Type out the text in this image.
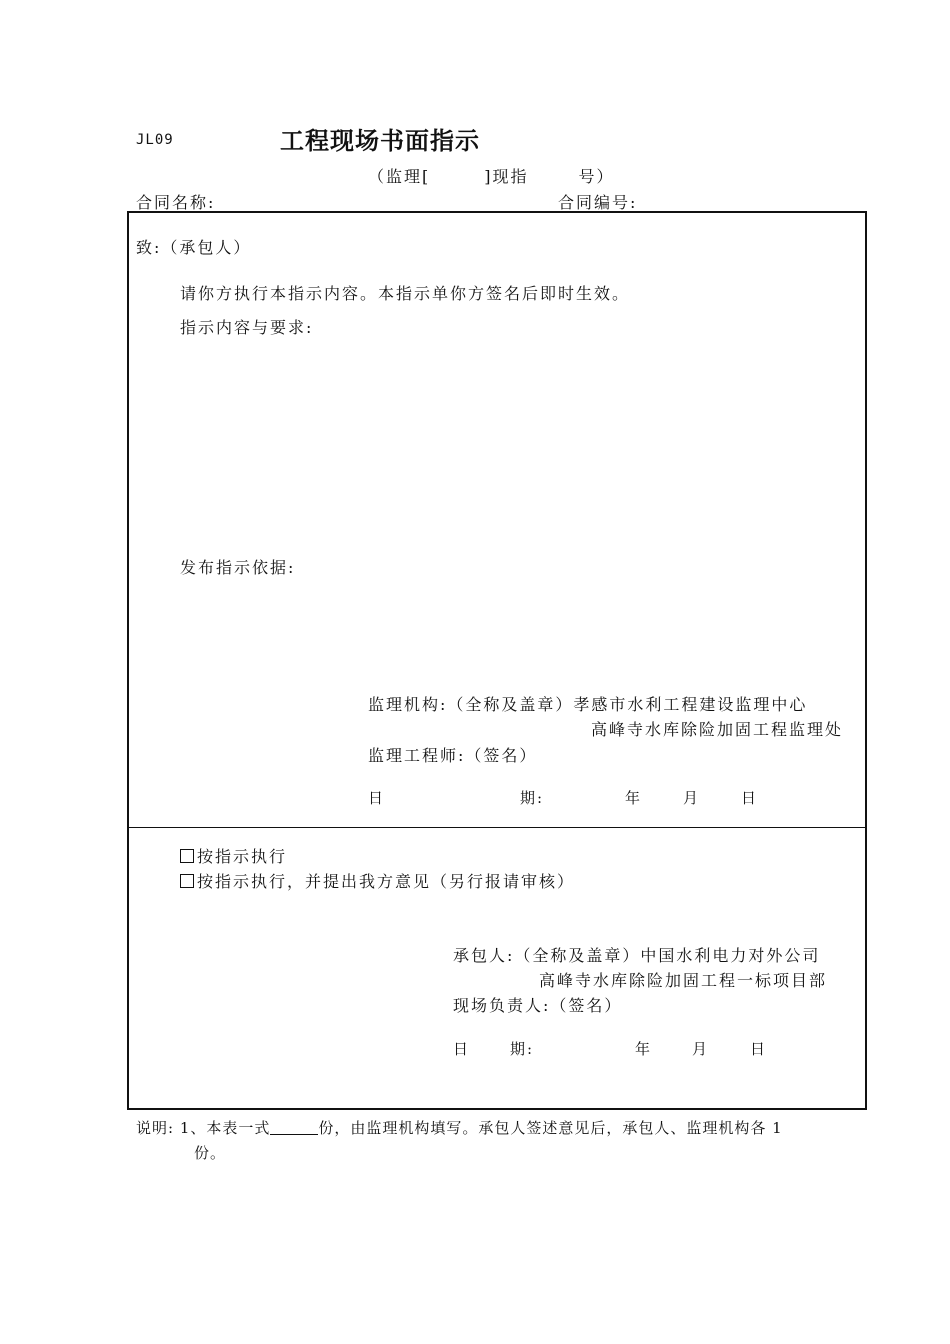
JL09	工程现场书面指示
（监理[	]现指	号）
合同名称:	合同编号:
致:（承包人）
请你方执行本指示内容。本指示单你方签名后即时生效。
指示内容与要求:
发布指示依据:
监理机构:（全称及盖章）孝感市水利工程建设监理中心
高峰寺水库除险加固工程监理处
监理工程师:（签名）
日	期:	年	月	日
按指示执行
按指示执行，并提出我方意见（另行报请审核）
承包人:（全称及盖章）中国水利电力对外公司
高峰寺水库除险加固工程一标项目部
现场负责人:（签名）
日	期:	年	月	日
说明: 1、本表一式	份，由监理机构填写。承包人签述意见后，承包人、监理机构各 1
份。
